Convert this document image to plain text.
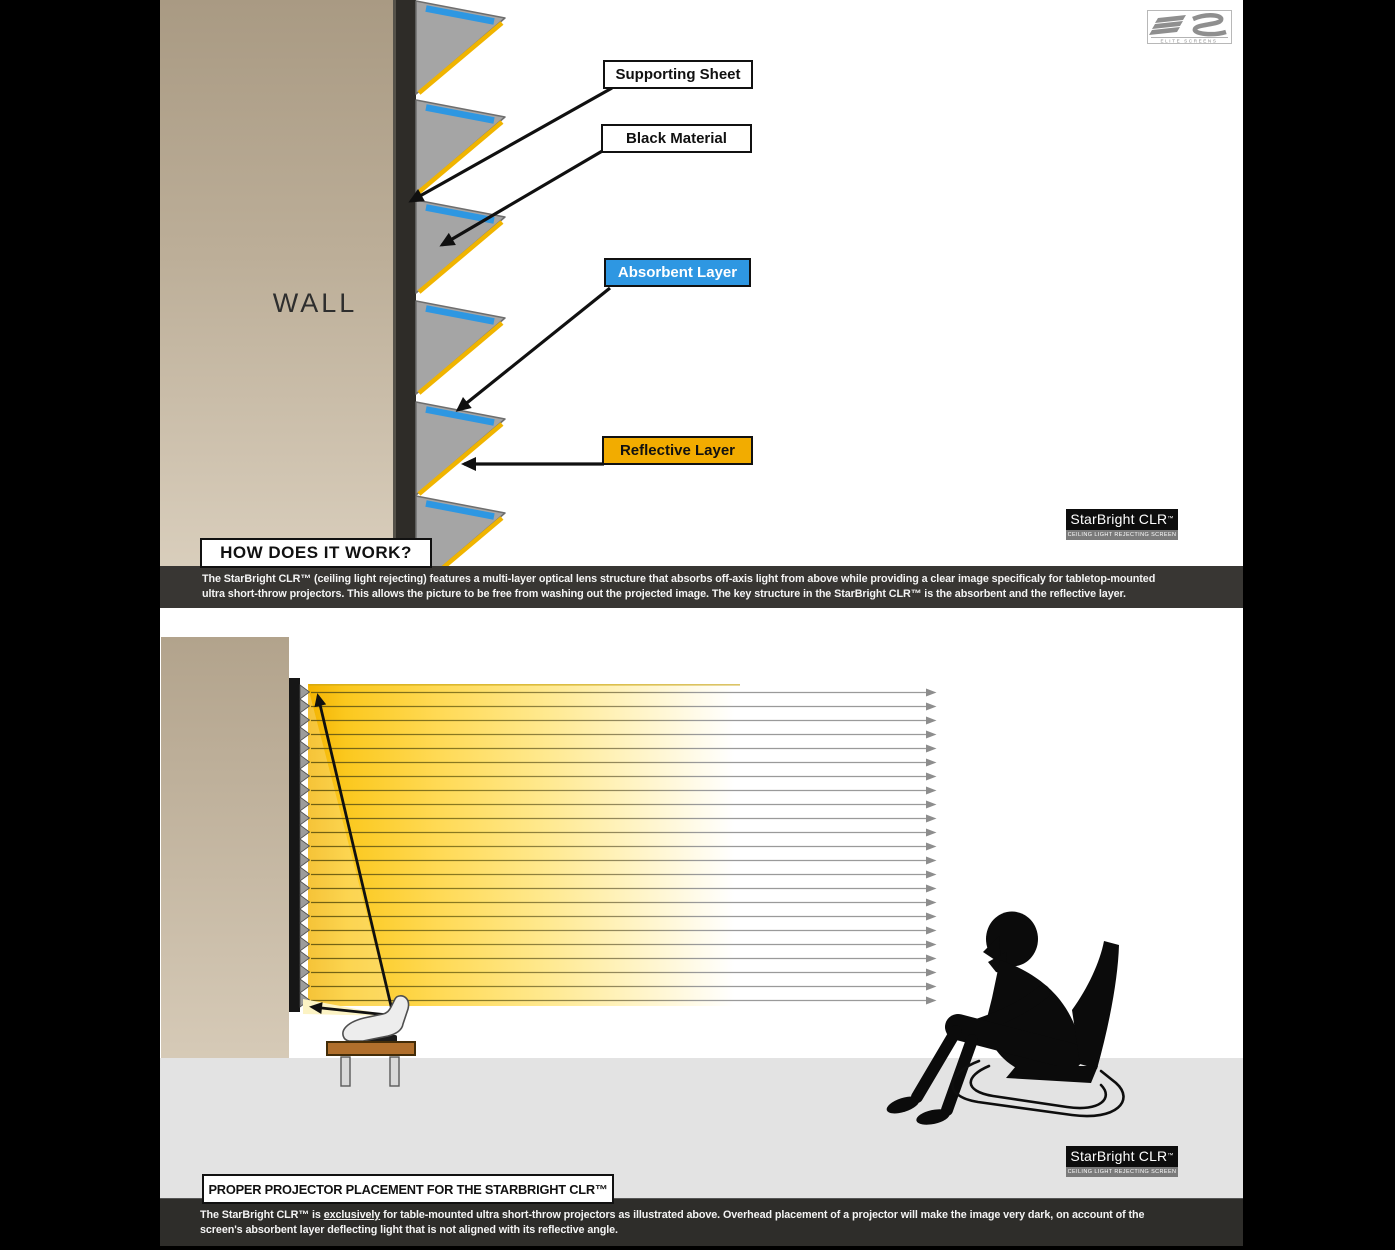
WALL
Supporting Sheet
Black Material
Absorbent Layer
Reflective Layer
ELITE SCREENS
StarBright CLR™
CEILING LIGHT REJECTING SCREEN
HOW DOES IT WORK?
The StarBright CLR™ (ceiling light rejecting) features a multi-layer optical lens structure that absorbs off-axis light from above while providing a clear image specificaly for tabletop-mounted
ultra short-throw projectors. This allows the picture to be free from washing out the projected image. The key structure in the StarBright CLR™ is the absorbent and the reflective layer.
StarBright CLR™
CEILING LIGHT REJECTING SCREEN
PROPER PROJECTOR PLACEMENT FOR THE STARBRIGHT CLR™
The StarBright CLR™ is exclusively for table-mounted ultra short-throw projectors as illustrated above. Overhead placement of a projector will make the image very dark, on account of the
screen's absorbent layer deflecting light that is not aligned with its reflective angle.
